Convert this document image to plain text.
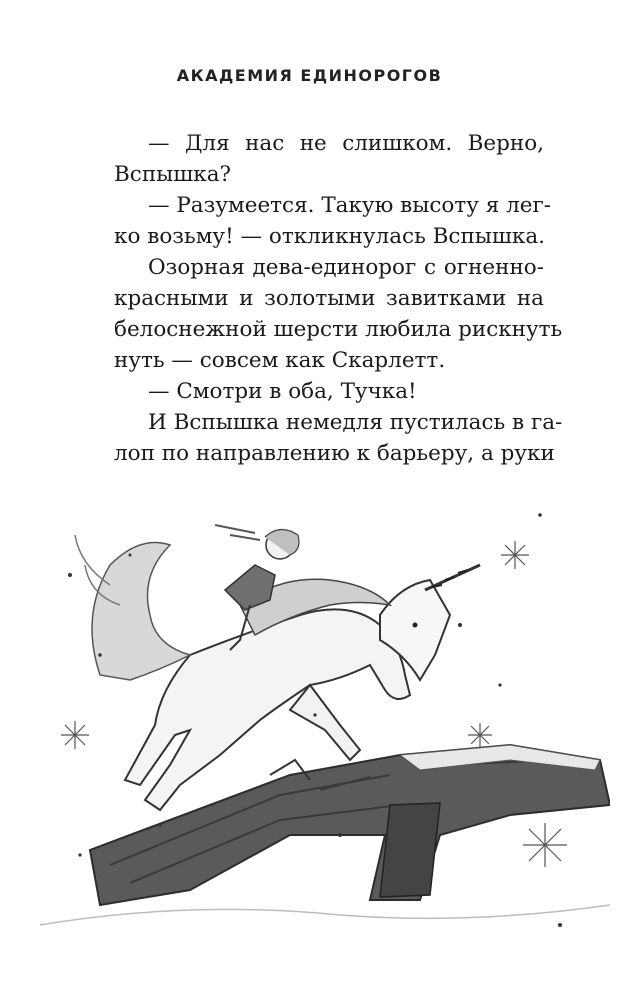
АКАДЕМИЯ ЕДИНОРОГОВ
— Для нас не слишком. Верно,
Вспышка?
— Разумеется. Такую высоту я лег-
ко возьму! — откликнулась Вспышка.
Озорная дева-единорог с огненно-
красными и золотыми завитками на
белоснежной шерсти любила рискнуть
нуть — совсем как Скарлетт.
— Смотри в оба, Тучка!
И Вспышка немедля пустилась в га-
лоп по направлению к барьеру, а руки
